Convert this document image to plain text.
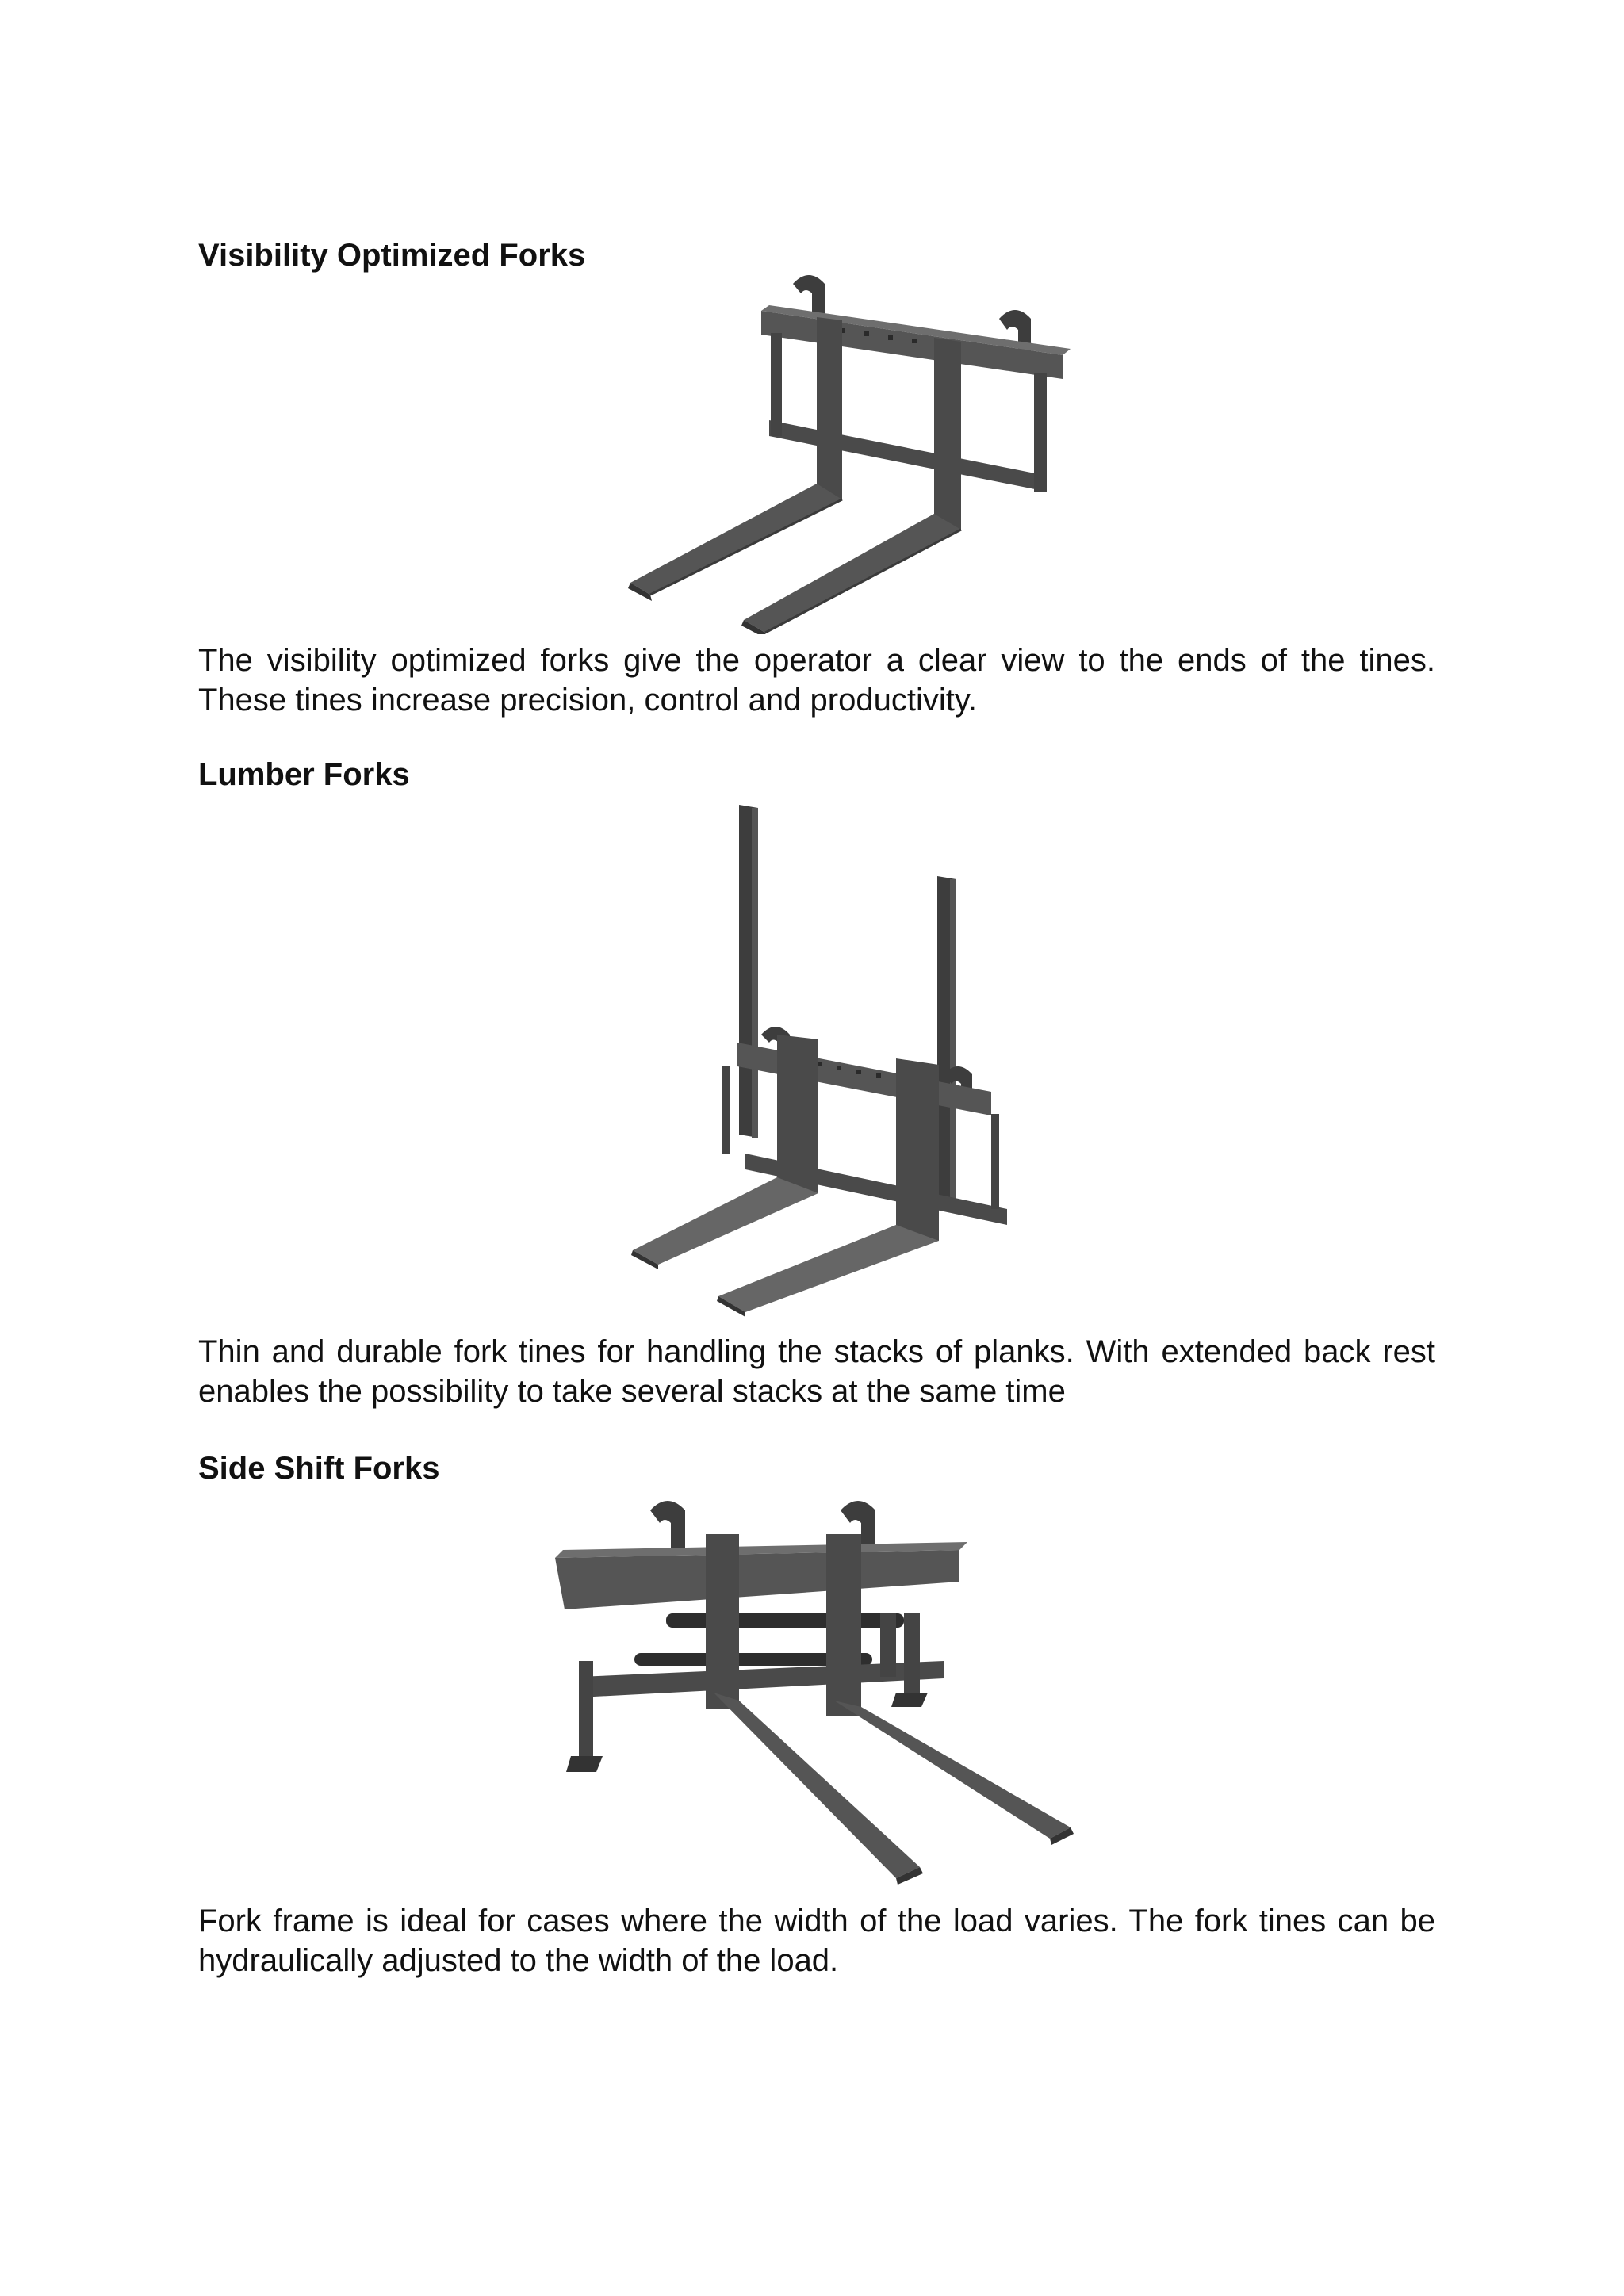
Visibility Optimized Forks

The visibility optimized forks give the operator a clear view to the ends of the tines.
These tines increase precision, control and productivity.

Lumber Forks

Thin and durable fork tines for handling the stacks of planks. With extended back rest
enables the possibility to take several stacks at the same time

Side Shift Forks

Fork frame is ideal for cases where the width of the load varies. The fork tines can be
hydraulically adjusted to the width of the load.
